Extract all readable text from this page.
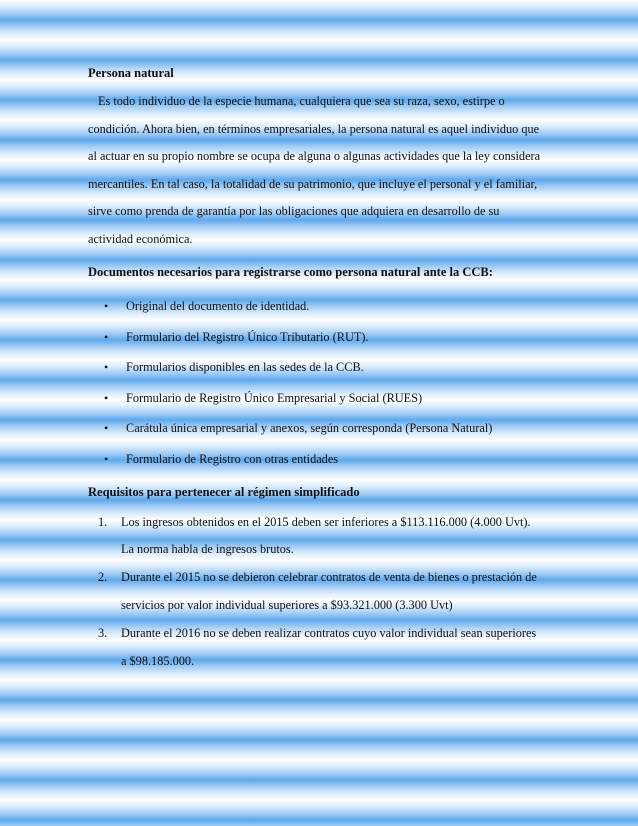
Persona natural

Es todo individuo de la especie humana, cualquiera que sea su raza, sexo, estirpe o

condición. Ahora bien, en términos empresariales, la persona natural es aquel individuo que

al actuar en su propio nombre se ocupa de alguna o algunas actividades que la ley considera

mercantiles. En tal caso, la totalidad de su patrimonio, que incluye el personal y el familiar,

sirve como prenda de garantía por las obligaciones que adquiera en desarrollo de su

actividad económica.

Documentos necesarios para registrarse como persona natural ante la CCB:

• Original del documento de identidad.
• Formulario del Registro Único Tributario (RUT).
• Formularios disponibles en las sedes de la CCB.
• Formulario de Registro Único Empresarial y Social (RUES)
• Carátula única empresarial y anexos, según corresponda (Persona Natural)
• Formulario de Registro con otras entidades

Requisitos para pertenecer al régimen simplificado

1. Los ingresos obtenidos en el 2015 deben ser inferiores a $113.116.000 (4.000 Uvt).
La norma habla de ingresos brutos.
2. Durante el 2015 no se debieron celebrar contratos de venta de bienes o prestación de
servicios por valor individual superiores a $93.321.000 (3.300 Uvt)
3. Durante el 2016 no se deben realizar contratos cuyo valor individual sean superiores
a $98.185.000.
